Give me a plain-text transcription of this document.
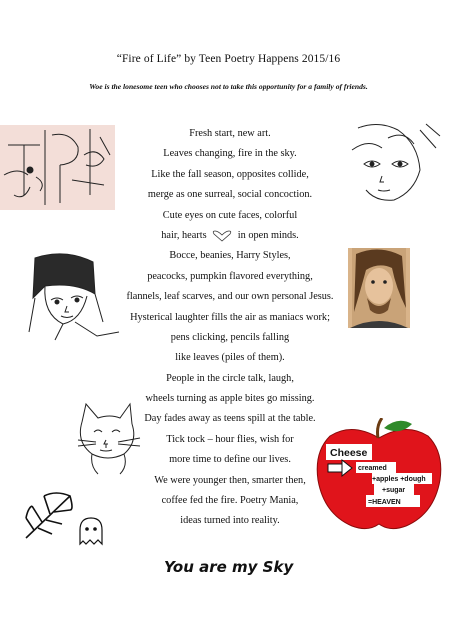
“Fire of Life” by Teen Poetry Happens 2015/16
Woe is the lonesome teen who chooses not to take this opportunity for a family of friends.
Fresh start, new art.
Leaves changing, fire in the sky.
Like the fall season, opposites collide,
merge as one surreal, social concoction.
Cute eyes on cute faces, colorful
hair, hearts	in open minds.
Bocce, beanies, Harry Styles,
peacocks, pumpkin flavored everything,
flannels, leaf scarves, and our own personal Jesus.
Hysterical laughter fills the air as maniacs work;
pens clicking, pencils falling
like leaves (piles of them).
People in the circle talk, laugh,
wheels turning as apple bites go missing.
Day fades away as teens spill at the table.
Tick tock – hour flies, wish for
more time to define our lives.
We were younger then, smarter then,
coffee fed the fire. Poetry Mania,
ideas turned into reality.
Cheese
creamed
+apples +dough
+sugar
=HEAVEN
You are my Sky
